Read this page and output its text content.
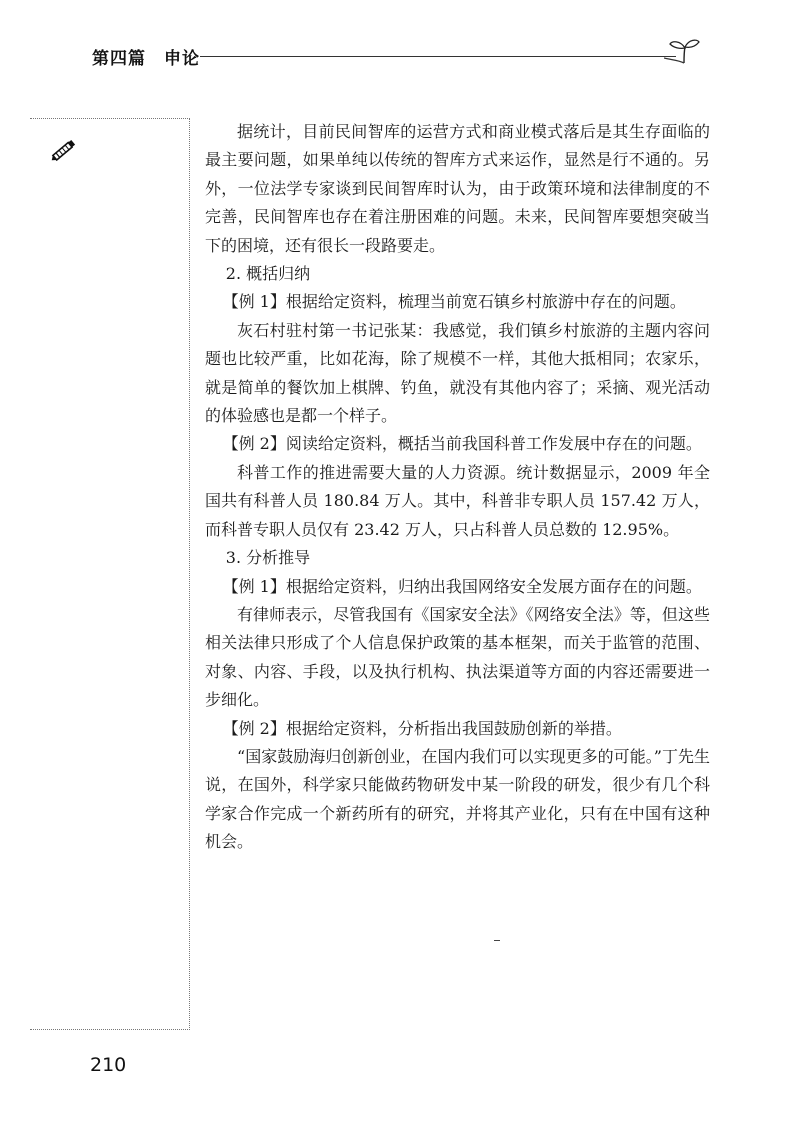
第四篇　申论

据统计，目前民间智库的运营方式和商业模式落后是其生存面临的最主要问题，如果单纯以传统的智库方式来运作，显然是行不通的。另外，一位法学专家谈到民间智库时认为，由于政策环境和法律制度的不完善，民间智库也存在着注册困难的问题。未来，民间智库要想突破当下的困境，还有很长一段路要走。

2. 概括归纳

【例 1】根据给定资料，梳理当前宽石镇乡村旅游中存在的问题。

灰石村驻村第一书记张某：我感觉，我们镇乡村旅游的主题内容问题也比较严重，比如花海，除了规模不一样，其他大抵相同；农家乐，就是简单的餐饮加上棋牌、钓鱼，就没有其他内容了；采摘、观光活动的体验感也是都一个样子。

【例 2】阅读给定资料，概括当前我国科普工作发展中存在的问题。

科普工作的推进需要大量的人力资源。统计数据显示，2009 年全国共有科普人员 180.84 万人。其中，科普非专职人员 157.42 万人，而科普专职人员仅有 23.42 万人，只占科普人员总数的 12.95%。

3. 分析推导

【例 1】根据给定资料，归纳出我国网络安全发展方面存在的问题。

有律师表示，尽管我国有《国家安全法》《网络安全法》等，但这些相关法律只形成了个人信息保护政策的基本框架，而关于监管的范围、对象、内容、手段，以及执行机构、执法渠道等方面的内容还需要进一步细化。

【例 2】根据给定资料，分析指出我国鼓励创新的举措。

“国家鼓励海归创新创业，在国内我们可以实现更多的可能。”丁先生说，在国外，科学家只能做药物研发中某一阶段的研发，很少有几个科学家合作完成一个新药所有的研究，并将其产业化，只有在中国有这种机会。

210
